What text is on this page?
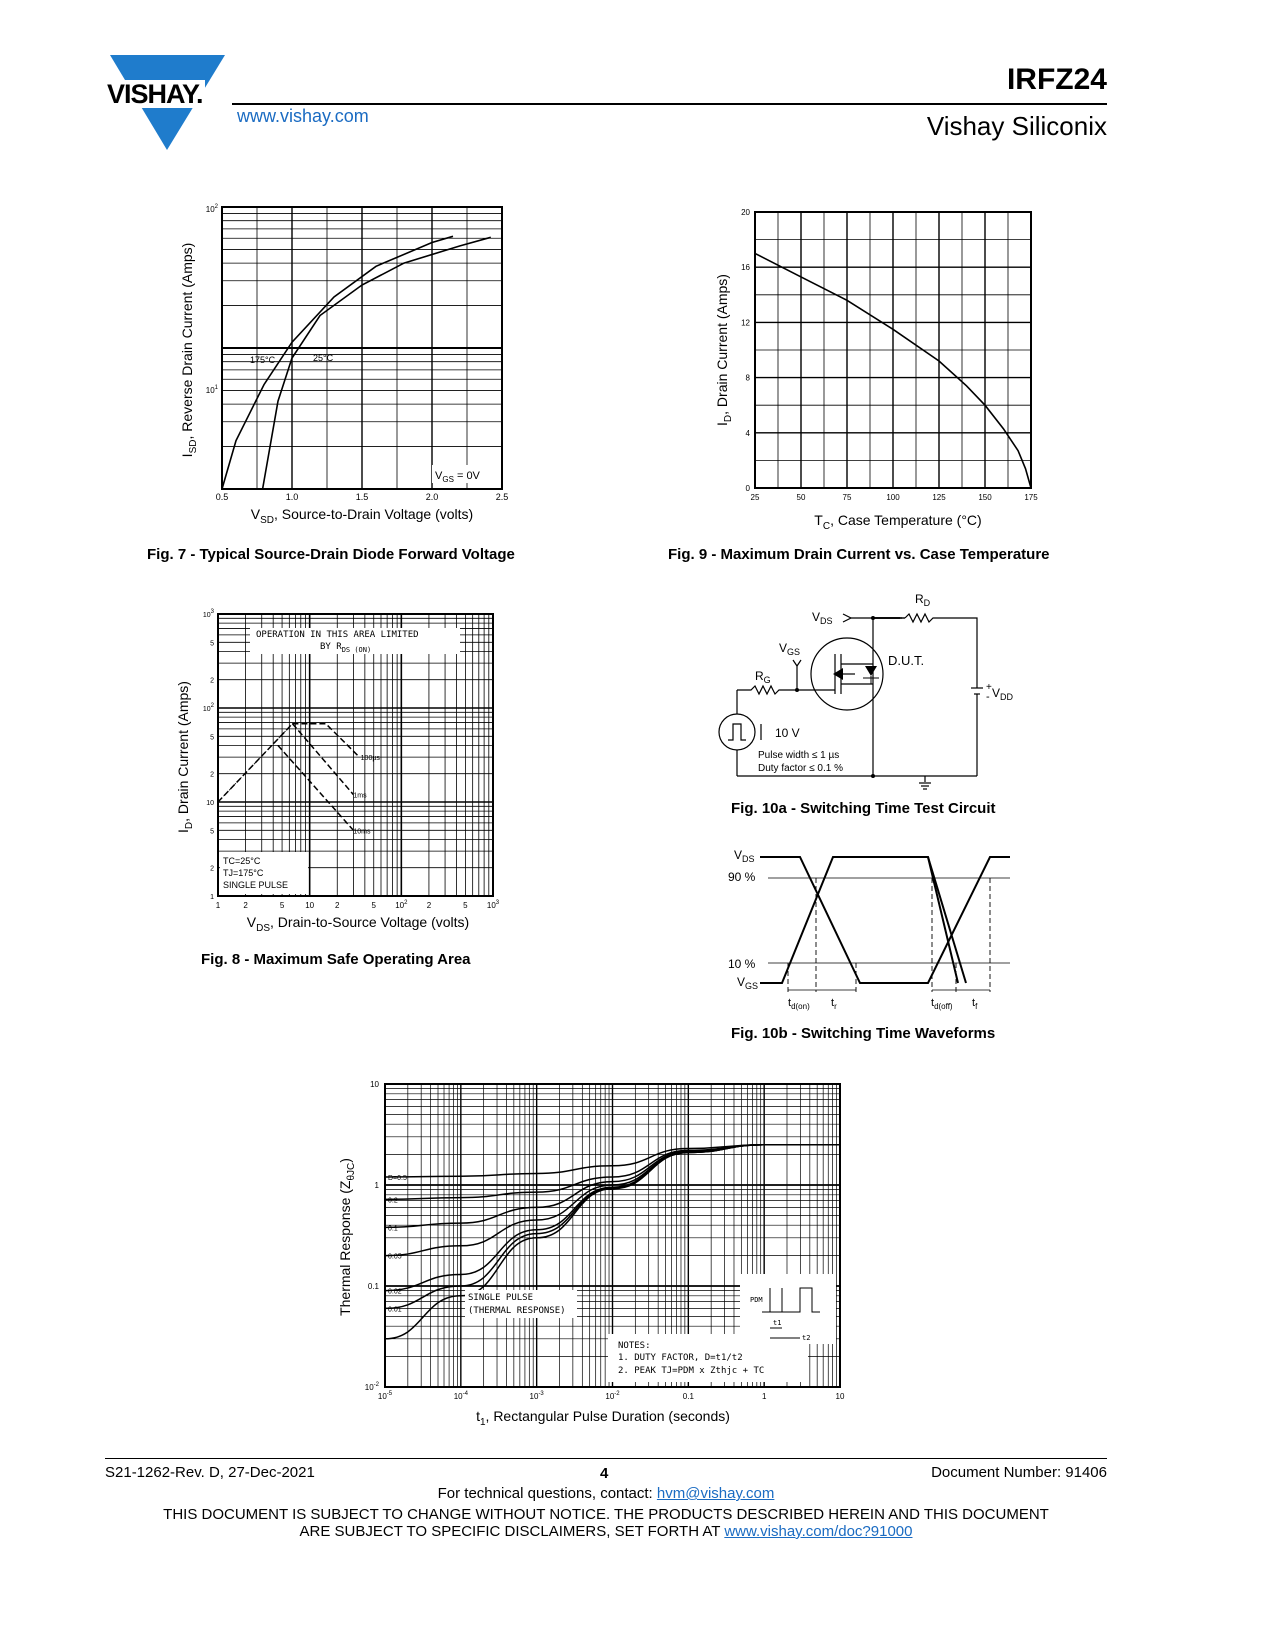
VISHAY.
www.vishay.com
IRFZ24
Vishay Siliconix
$10^2$
$10^1$
0.5	1.0	1.5	2.0	2.5
175°C	25°C
$V_{GS} = 0V$
$V_{SD}$, Source-to-Drain Voltage (volts)
$I_{SD}$, Reverse Drain Current (Amps)
Fig. 7 - Typical Source-Drain Diode Forward Voltage
0
4
8
12
16
20
25	50	75	100	125	150	175
$T_C$, Case Temperature (°C)
$I_D$, Drain Current (Amps)
Fig. 9 - Maximum Drain Current vs. Case Temperature
OPERATION IN THIS AREA LIMITED
BY $R_{DS (ON)}$
100µs
1ms
10ms
TC=25°C
TJ=175°C
SINGLE PULSE
103
5
2
102
5
2
10
5
2
1
1	2	5	10	2	5 $10^2$ 2	5 $10^3$
$V_{DS}$, Drain-to-Source Voltage (volts)
$I_D$, Drain Current (Amps)
Fig. 8 - Maximum Safe Operating Area
$V_{DS}$
$R_D$
$V_{GS}$
$R_G$
D.U.T.
+
- $V_{DD}$
10 V
Pulse width ≤ 1 µs
Duty factor ≤ 0.1 %
Fig. 10a - Switching Time Test Circuit
$V_{DS}$
90 %
10 %
$V_{GS}$
$t_{d(on)}$ $t_r$	$t_{d(off)}$ $t_f$
Fig. 10b - Switching Time Waveforms
D=0.5
0.2
0.1
0.05
0.02
0.01
SINGLE PULSE
(THERMAL RESPONSE)
NOTES:
1. DUTY FACTOR, D=t1/t2
2. PEAK TJ=PDM x Zthjc + TC
PDM
t1
t2
10
1
0.1
$10^{-2}$
$10^{-5}$	$10^{-4}$	$10^{-3}$	$10^{-2}$	0.1	1	10
$t_1$, Rectangular Pulse Duration (seconds)
Thermal Response $(Z_{\theta JC})$
S21-1262-Rev. D, 27-Dec-2021	4	Document Number: 91406
For technical questions, contact: hvm@vishay.com
THIS DOCUMENT IS SUBJECT TO CHANGE WITHOUT NOTICE. THE PRODUCTS DESCRIBED HEREIN AND THIS DOCUMENT
ARE SUBJECT TO SPECIFIC DISCLAIMERS, SET FORTH AT www.vishay.com/doc?91000
